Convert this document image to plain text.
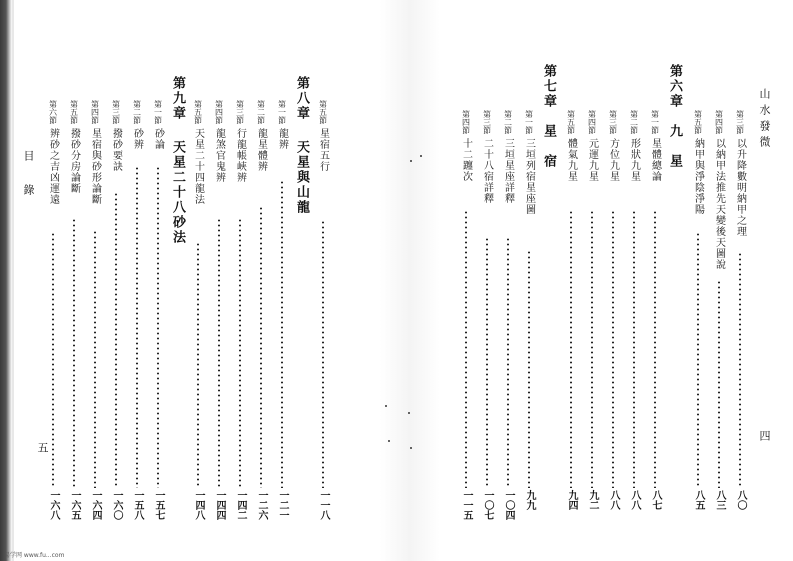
山水發微
四
第三節
以升降數明納甲之理
八〇
第四節
以納甲法推先天變後天圖說
八三
第五節
納甲與淨陰淨陽
八五
第六章
九　星
第一節
星體總論
八七
第二節
形狀九星
八八
第三節
方位九星
八八
第四節
元運九星
九二
第五節
體氣九星
九四
第七章
星　宿
第一節
三垣列宿星座圖
九九
第二節
三垣星座詳釋
一〇四
第三節
二十八宿詳釋
一〇七
第四節
十二躔次
一一五
第五節
星宿五行
一一八
第八章
天星與山龍
第一節
龍辨
一二一
第二節
龍星體辨
一二六
第三節
行龍帳峽辨
一四二
第四節
龍煞官鬼辨
一四四
第五節
天星二十四龍法
一四八
第九章
天星二十八砂法
第一節
砂論
一五七
第二節
砂辨
一五八
第三節
撥砂要訣
一六〇
第四節
星宿與砂形論斷
一六四
第五節
撥砂分房論斷
一六五
第六節
辨砂之吉凶運遠
一六八
目　錄
五
易学网 www.fu...com
